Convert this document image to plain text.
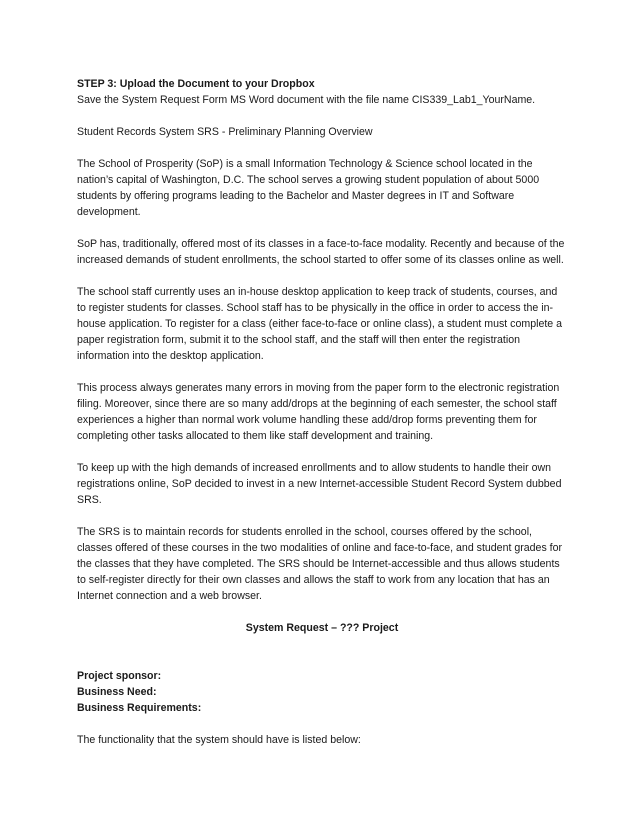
STEP 3: Upload the Document to your Dropbox
Save the System Request Form MS Word document with the file name CIS339_Lab1_YourName.

Student Records System SRS - Preliminary Planning Overview

The School of Prosperity (SoP) is a small Information Technology & Science school located in the nation’s capital of Washington, D.C. The school serves a growing student population of about 5000 students by offering programs leading to the Bachelor and Master degrees in IT and Software development.

SoP has, traditionally, offered most of its classes in a face-to-face modality. Recently and because of the increased demands of student enrollments, the school started to offer some of its classes online as well.

The school staff currently uses an in-house desktop application to keep track of students, courses, and to register students for classes. School staff has to be physically in the office in order to access the in-house application. To register for a class (either face-to-face or online class), a student must complete a paper registration form, submit it to the school staff, and the staff will then enter the registration information into the desktop application.

This process always generates many errors in moving from the paper form to the electronic registration filing. Moreover, since there are so many add/drops at the beginning of each semester, the school staff experiences a higher than normal work volume handling these add/drop forms preventing them for completing other tasks allocated to them like staff development and training.

To keep up with the high demands of increased enrollments and to allow students to handle their own registrations online, SoP decided to invest in a new Internet-accessible Student Record System dubbed SRS.

The SRS is to maintain records for students enrolled in the school, courses offered by the school, classes offered of these courses in the two modalities of online and face-to-face, and student grades for the classes that they have completed. The SRS should be Internet-accessible and thus allows students to self-register directly for their own classes and allows the staff to work from any location that has an Internet connection and a web browser.

System Request – ??? Project
Project sponsor:
Business Need:
Business Requirements:
The functionality that the system should have is listed below:
